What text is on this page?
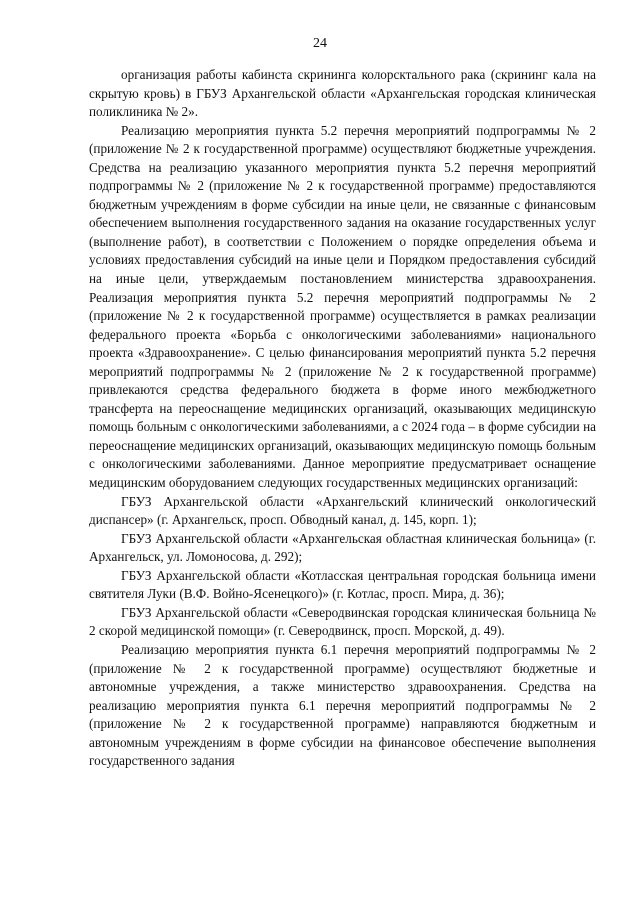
24

организация работы кабинста скрининга колорсктального рака (скрининг кала на скрытую кровь) в ГБУЗ Архангельской области «Архангельская городская клиническая поликлиника № 2».

Реализацию мероприятия пункта 5.2 перечня мероприятий подпрограммы № 2 (приложение № 2 к государственной программе) осуществляют бюджетные учреждения. Средства на реализацию указанного мероприятия пункта 5.2 перечня мероприятий подпрограммы № 2 (приложение № 2 к государственной программе) предоставляются бюджетным учреждениям в форме субсидии на иные цели, не связанные с финансовым обеспечением выполнения государственного задания на оказание государственных услуг (выполнение работ), в соответствии с Положением о порядке определения объема и условиях предоставления субсидий на иные цели и Порядком предоставления субсидий на иные цели, утверждаемым постановлением министерства здравоохранения. Реализация мероприятия пункта 5.2 перечня мероприятий подпрограммы № 2 (приложение № 2 к государственной программе) осуществляется в рамках реализации федерального проекта «Борьба с онкологическими заболеваниями» национального проекта «Здравоохранение». С целью финансирования мероприятий пункта 5.2 перечня мероприятий подпрограммы № 2 (приложение № 2 к государственной программе) привлекаются средства федерального бюджета в форме иного межбюджетного трансферта на переоснащение медицинских организаций, оказывающих медицинскую помощь больным с онкологическими заболеваниями, а с 2024 года – в форме субсидии на переоснащение медицинских организаций, оказывающих медицинскую помощь больным с онкологическими заболеваниями. Данное мероприятие предусматривает оснащение медицинским оборудованием следующих государственных медицинских организаций:

ГБУЗ Архангельской области «Архангельский клинический онкологический диспансер» (г. Архангельск, просп. Обводный канал, д. 145, корп. 1);

ГБУЗ Архангельской области «Архангельская областная клиническая больница» (г. Архангельск, ул. Ломоносова, д. 292);

ГБУЗ Архангельской области «Котласская центральная городская больница имени святителя Луки (В.Ф. Войно-Ясенецкого)» (г. Котлас, просп. Мира, д. 36);

ГБУЗ Архангельской области «Северодвинская городская клиническая больница № 2 скорой медицинской помощи» (г. Северодвинск, просп. Морской, д. 49).

Реализацию мероприятия пункта 6.1 перечня мероприятий подпрограммы № 2 (приложение № 2 к государственной программе) осуществляют бюджетные и автономные учреждения, а также министерство здравоохранения. Средства на реализацию мероприятия пункта 6.1 перечня мероприятий подпрограммы № 2 (приложение № 2 к государственной программе) направляются бюджетным и автономным учреждениям в форме субсидии на финансовое обеспечение выполнения государственного задания
